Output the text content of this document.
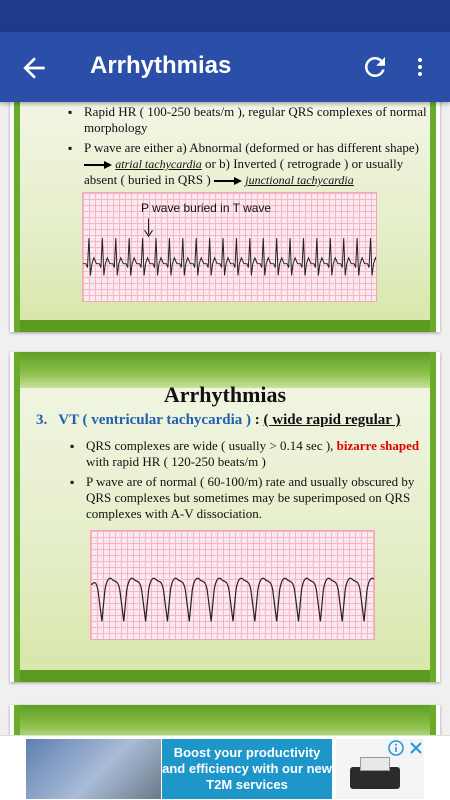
Arrhythmias
▪ Rapid HR ( 100-250 beats/m ), regular QRS complexes of normal morphology
▪ P wave are either a) Abnormal (deformed or has different shape)  atrial tachycardia or b) Inverted ( retrograde ) or usually absent ( buried in QRS )	junctional tachycardia
P wave buried in T wave
Arrhythmias
3. VT ( ventricular tachycardia ) : ( wide rapid regular )
▪ QRS complexes are wide ( usually > 0.14 sec ), bizarre shaped with rapid HR ( 120-250 beats/m )
▪ P wave are of normal ( 60-100/m) rate and usually obscured by QRS complexes but sometimes may be superimposed on QRS complexes with A-V dissociation.
Boost your productivity and efficiency with our new T2M services
